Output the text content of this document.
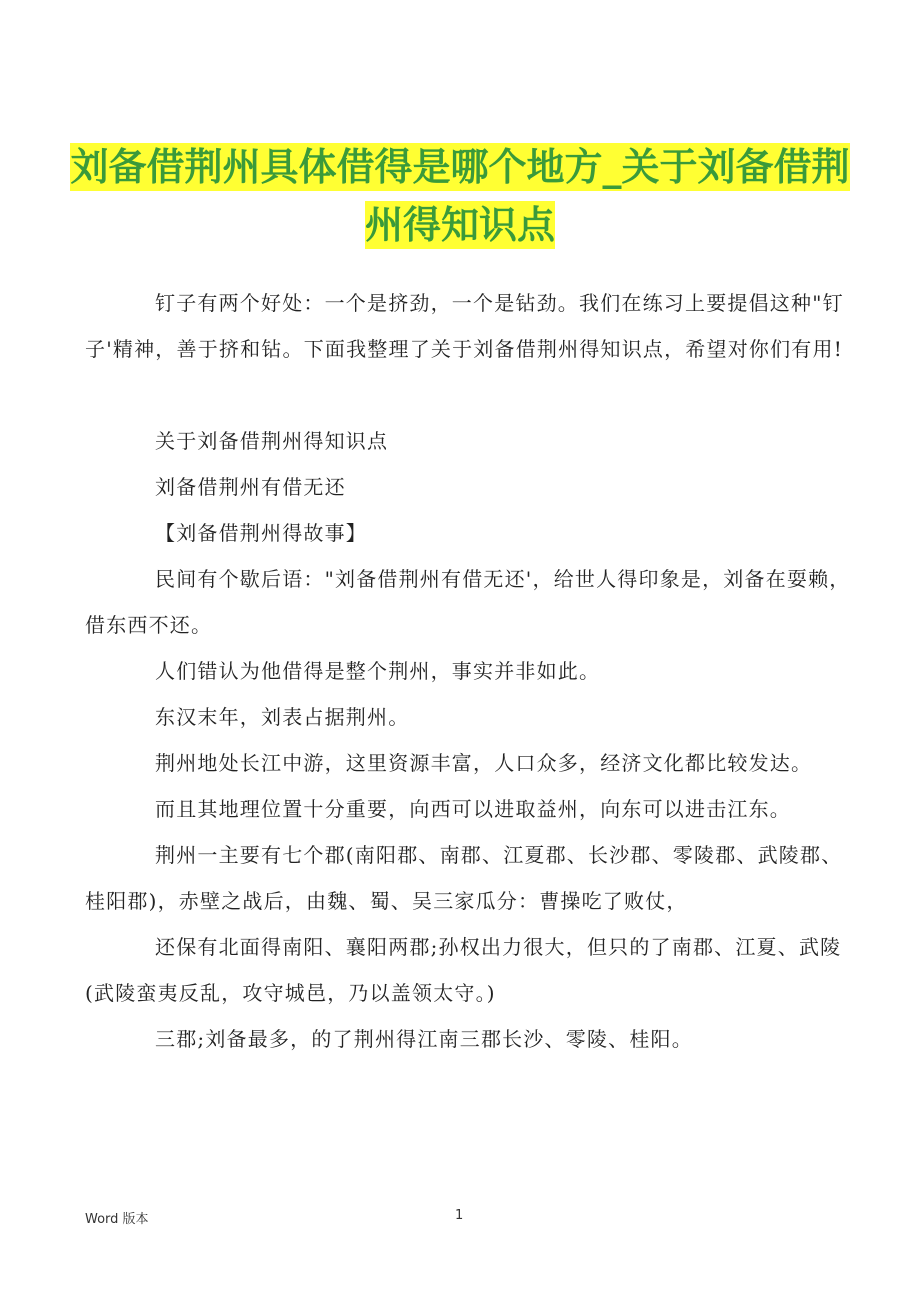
刘备借荆州具体借得是哪个地方_关于刘备借荆州得知识点

钉子有两个好处：一个是挤劲，一个是钻劲。我们在练习上要提倡这种"钉子'精神，善于挤和钻。下面我整理了关于刘备借荆州得知识点，希望对你们有用!

关于刘备借荆州得知识点

刘备借荆州有借无还

【刘备借荆州得故事】

民间有个歇后语："刘备借荆州有借无还'，给世人得印象是，刘备在耍赖，借东西不还。

人们错认为他借得是整个荆州，事实并非如此。

东汉末年，刘表占据荆州。

荆州地处长江中游，这里资源丰富，人口众多，经济文化都比较发达。

而且其地理位置十分重要，向西可以进取益州，向东可以进击江东。

荆州一主要有七个郡(南阳郡、南郡、江夏郡、长沙郡、零陵郡、武陵郡、桂阳郡)，赤壁之战后，由魏、蜀、吴三家瓜分：曹操吃了败仗，

还保有北面得南阳、襄阳两郡;孙权出力很大，但只的了南郡、江夏、武陵(武陵蛮夷反乱，攻守城邑，乃以盖领太守。)

三郡;刘备最多，的了荆州得江南三郡长沙、零陵、桂阳。

Word 版本	1
